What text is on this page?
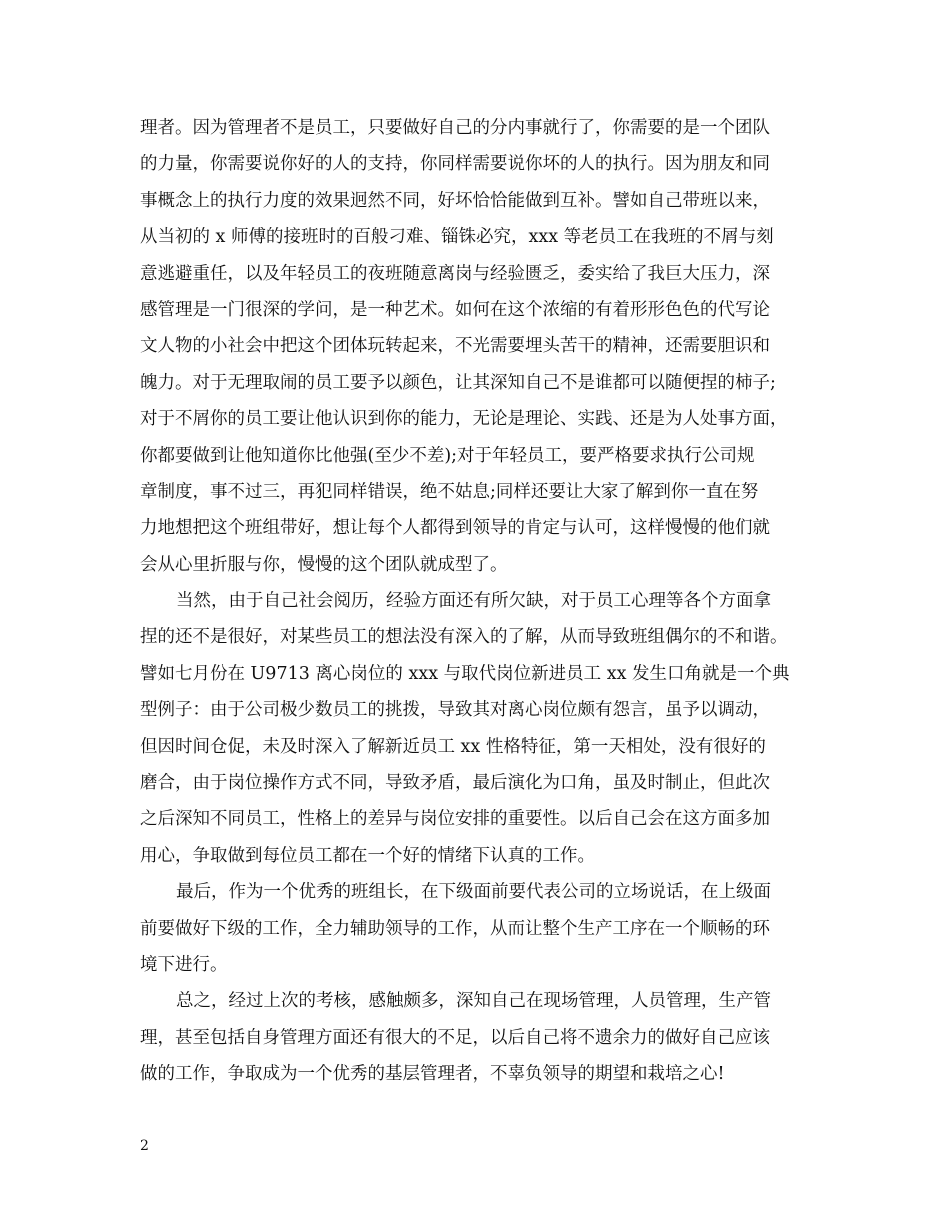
理者。因为管理者不是员工，只要做好自己的分内事就行了，你需要的是一个团队
的力量，你需要说你好的人的支持，你同样需要说你坏的人的执行。因为朋友和同
事概念上的执行力度的效果迥然不同，好坏恰恰能做到互补。譬如自己带班以来，
从当初的 x 师傅的接班时的百般刁难、锱铢必究，xxx 等老员工在我班的不屑与刻
意逃避重任，以及年轻员工的夜班随意离岗与经验匮乏，委实给了我巨大压力，深
感管理是一门很深的学问，是一种艺术。如何在这个浓缩的有着形形色色的代写论
文人物的小社会中把这个团体玩转起来，不光需要埋头苦干的精神，还需要胆识和
魄力。对于无理取闹的员工要予以颜色，让其深知自己不是谁都可以随便捏的柿子;
对于不屑你的员工要让他认识到你的能力，无论是理论、实践、还是为人处事方面，
你都要做到让他知道你比他强(至少不差);对于年轻员工，要严格要求执行公司规
章制度，事不过三，再犯同样错误，绝不姑息;同样还要让大家了解到你一直在努
力地想把这个班组带好，想让每个人都得到领导的肯定与认可，这样慢慢的他们就
会从心里折服与你，慢慢的这个团队就成型了。
当然，由于自己社会阅历，经验方面还有所欠缺，对于员工心理等各个方面拿
捏的还不是很好，对某些员工的想法没有深入的了解，从而导致班组偶尔的不和谐。
譬如七月份在 U9713 离心岗位的 xxx 与取代岗位新进员工 xx 发生口角就是一个典
型例子：由于公司极少数员工的挑拨，导致其对离心岗位颇有怨言，虽予以调动，
但因时间仓促，未及时深入了解新近员工 xx 性格特征，第一天相处，没有很好的
磨合，由于岗位操作方式不同，导致矛盾，最后演化为口角，虽及时制止，但此次
之后深知不同员工，性格上的差异与岗位安排的重要性。以后自己会在这方面多加
用心，争取做到每位员工都在一个好的情绪下认真的工作。
最后，作为一个优秀的班组长，在下级面前要代表公司的立场说话，在上级面
前要做好下级的工作，全力辅助领导的工作，从而让整个生产工序在一个顺畅的环
境下进行。
总之，经过上次的考核，感触颇多，深知自己在现场管理，人员管理，生产管
理，甚至包括自身管理方面还有很大的不足，以后自己将不遗余力的做好自己应该
做的工作，争取成为一个优秀的基层管理者，不辜负领导的期望和栽培之心!
2
